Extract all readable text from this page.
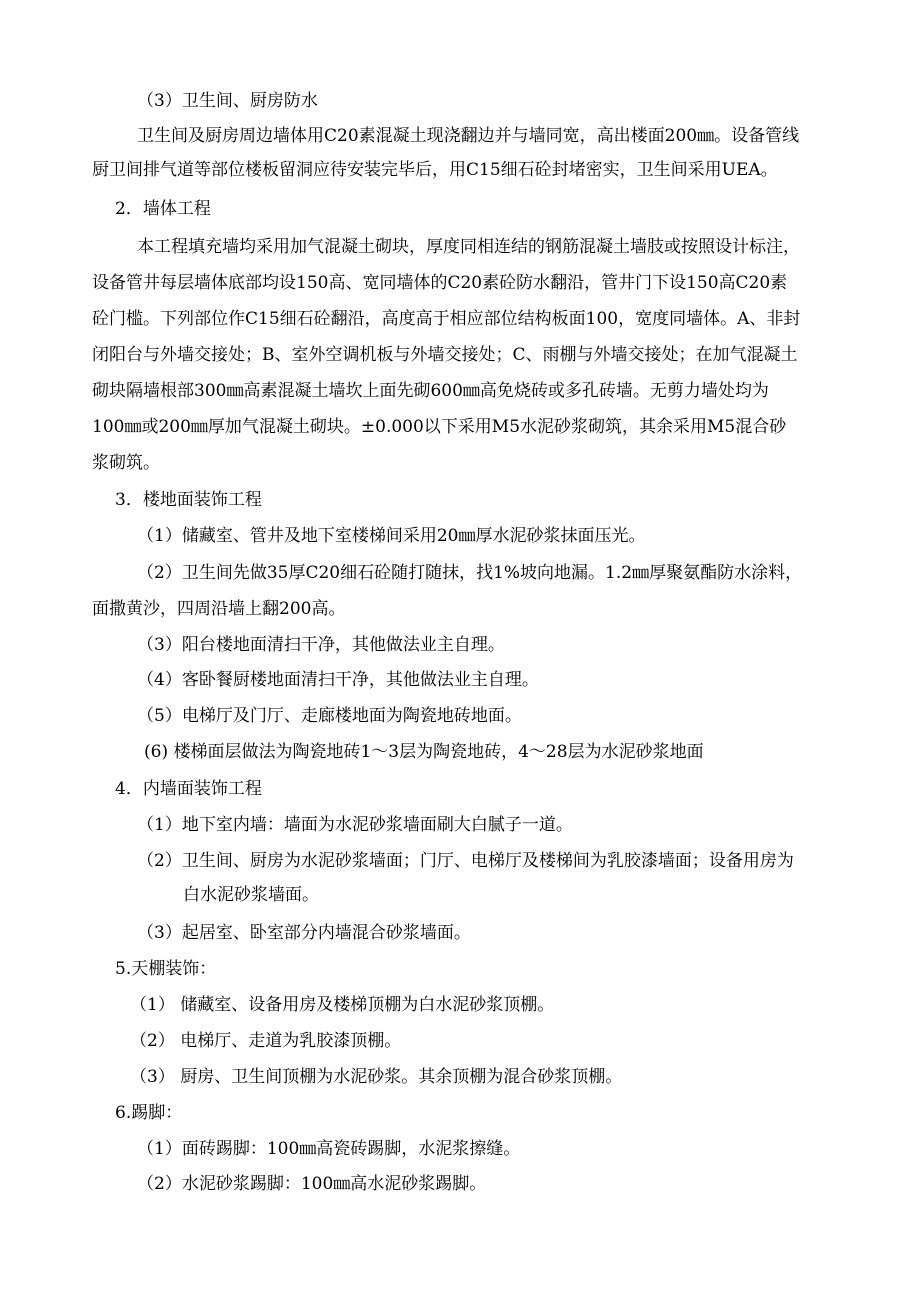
（3）卫生间、厨房防水
卫生间及厨房周边墙体用C20素混凝土现浇翻边并与墙同宽，高出楼面200㎜。设备管线
厨卫间排气道等部位楼板留洞应待安装完毕后，用C15细石砼封堵密实，卫生间采用UEA。
2．墙体工程
本工程填充墙均采用加气混凝土砌块，厚度同相连结的钢筋混凝土墙肢或按照设计标注，
设备管井每层墙体底部均设150高、宽同墙体的C20素砼防水翻沿，管井门下设150高C20素
砼门槛。下列部位作C15细石砼翻沿，高度高于相应部位结构板面100，宽度同墙体。A、非封
闭阳台与外墙交接处；B、室外空调机板与外墙交接处；C、雨棚与外墙交接处；在加气混凝土
砌块隔墙根部300㎜高素混凝土墙坎上面先砌600㎜高免烧砖或多孔砖墙。无剪力墙处均为
100㎜或200㎜厚加气混凝土砌块。±0.000以下采用M5水泥砂浆砌筑，其余采用M5混合砂
浆砌筑。
3．楼地面装饰工程
（1）储藏室、管井及地下室楼梯间采用20㎜厚水泥砂浆抹面压光。
（2）卫生间先做35厚C20细石砼随打随抹，找1%坡向地漏。1.2㎜厚聚氨酯防水涂料，
面撒黄沙，四周沿墙上翻200高。
（3）阳台楼地面清扫干净，其他做法业主自理。
（4）客卧餐厨楼地面清扫干净，其他做法业主自理。
（5）电梯厅及门厅、走廊楼地面为陶瓷地砖地面。
(6) 楼梯面层做法为陶瓷地砖1～3层为陶瓷地砖，4～28层为水泥砂浆地面
4．内墙面装饰工程
（1）地下室内墙：墙面为水泥砂浆墙面刷大白腻子一道。
（2）卫生间、厨房为水泥砂浆墙面；门厅、电梯厅及楼梯间为乳胶漆墙面；设备用房为
白水泥砂浆墙面。
（3）起居室、卧室部分内墙混合砂浆墙面。
5.天棚装饰：
（1） 储藏室、设备用房及楼梯顶棚为白水泥砂浆顶棚。
（2） 电梯厅、走道为乳胶漆顶棚。
（3） 厨房、卫生间顶棚为水泥砂浆。其余顶棚为混合砂浆顶棚。
6.踢脚：
（1）面砖踢脚：100㎜高瓷砖踢脚，水泥浆擦缝。
（2）水泥砂浆踢脚：100㎜高水泥砂浆踢脚。
